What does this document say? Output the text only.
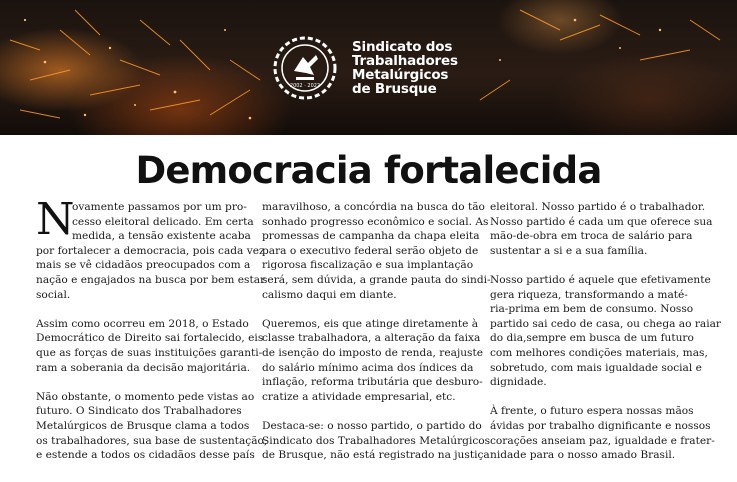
2002 · 2022
Sindicato dos
Trabalhadores
Metalúrgicos
de Brusque
Democracia fortalecida
N

ovamente passamos por um pro-
cesso eleitoral delicado. Em certa
medida, a tensão existente acaba
por fortalecer a democracia, pois cada vez
mais se vê cidadãos preocupados com a
nação e engajados na busca por bem estar
social.

Assim como ocorreu em 2018, o Estado
Democrático de Direito sai fortalecido, eis
que as forças de suas instituições garanti-
ram a soberania da decisão majoritária.

Não obstante, o momento pede vistas ao
futuro. O Sindicato dos Trabalhadores
Metalúrgicos de Brusque clama a todos
os trabalhadores, sua base de sustentação,
e estende a todos os cidadãos desse país

maravilhoso, a concórdia na busca do tão
sonhado progresso econômico e social. As
promessas de campanha da chapa eleita
para o executivo federal serão objeto de
rigorosa fiscalização e sua implantação
será, sem dúvida, a grande pauta do sindi-
calismo daqui em diante.

Queremos, eis que atinge diretamente à
classe trabalhadora, a alteração da faixa
de isenção do imposto de renda, reajuste
do salário mínimo acima dos índices da
inflação, reforma tributária que desburo-
cratize a atividade empresarial, etc.

Destaca-se: o nosso partido, o partido do
Sindicato dos Trabalhadores Metalúrgicos
de Brusque, não está registrado na justiça

eleitoral. Nosso partido é o trabalhador.
Nosso partido é cada um que oferece sua
mão-de-obra em troca de salário para
sustentar a si e a sua família.

Nosso partido é aquele que efetivamente
gera riqueza, transformando a maté-
ria-prima em bem de consumo. Nosso
partido sai cedo de casa, ou chega ao raiar
do dia,sempre em busca de um futuro
com melhores condições materiais, mas,
sobretudo, com mais igualdade social e
dignidade.

À frente, o futuro espera nossas mãos
ávidas por trabalho dignificante e nossos
corações anseiam paz, igualdade e frater-
nidade para o nosso amado Brasil.
